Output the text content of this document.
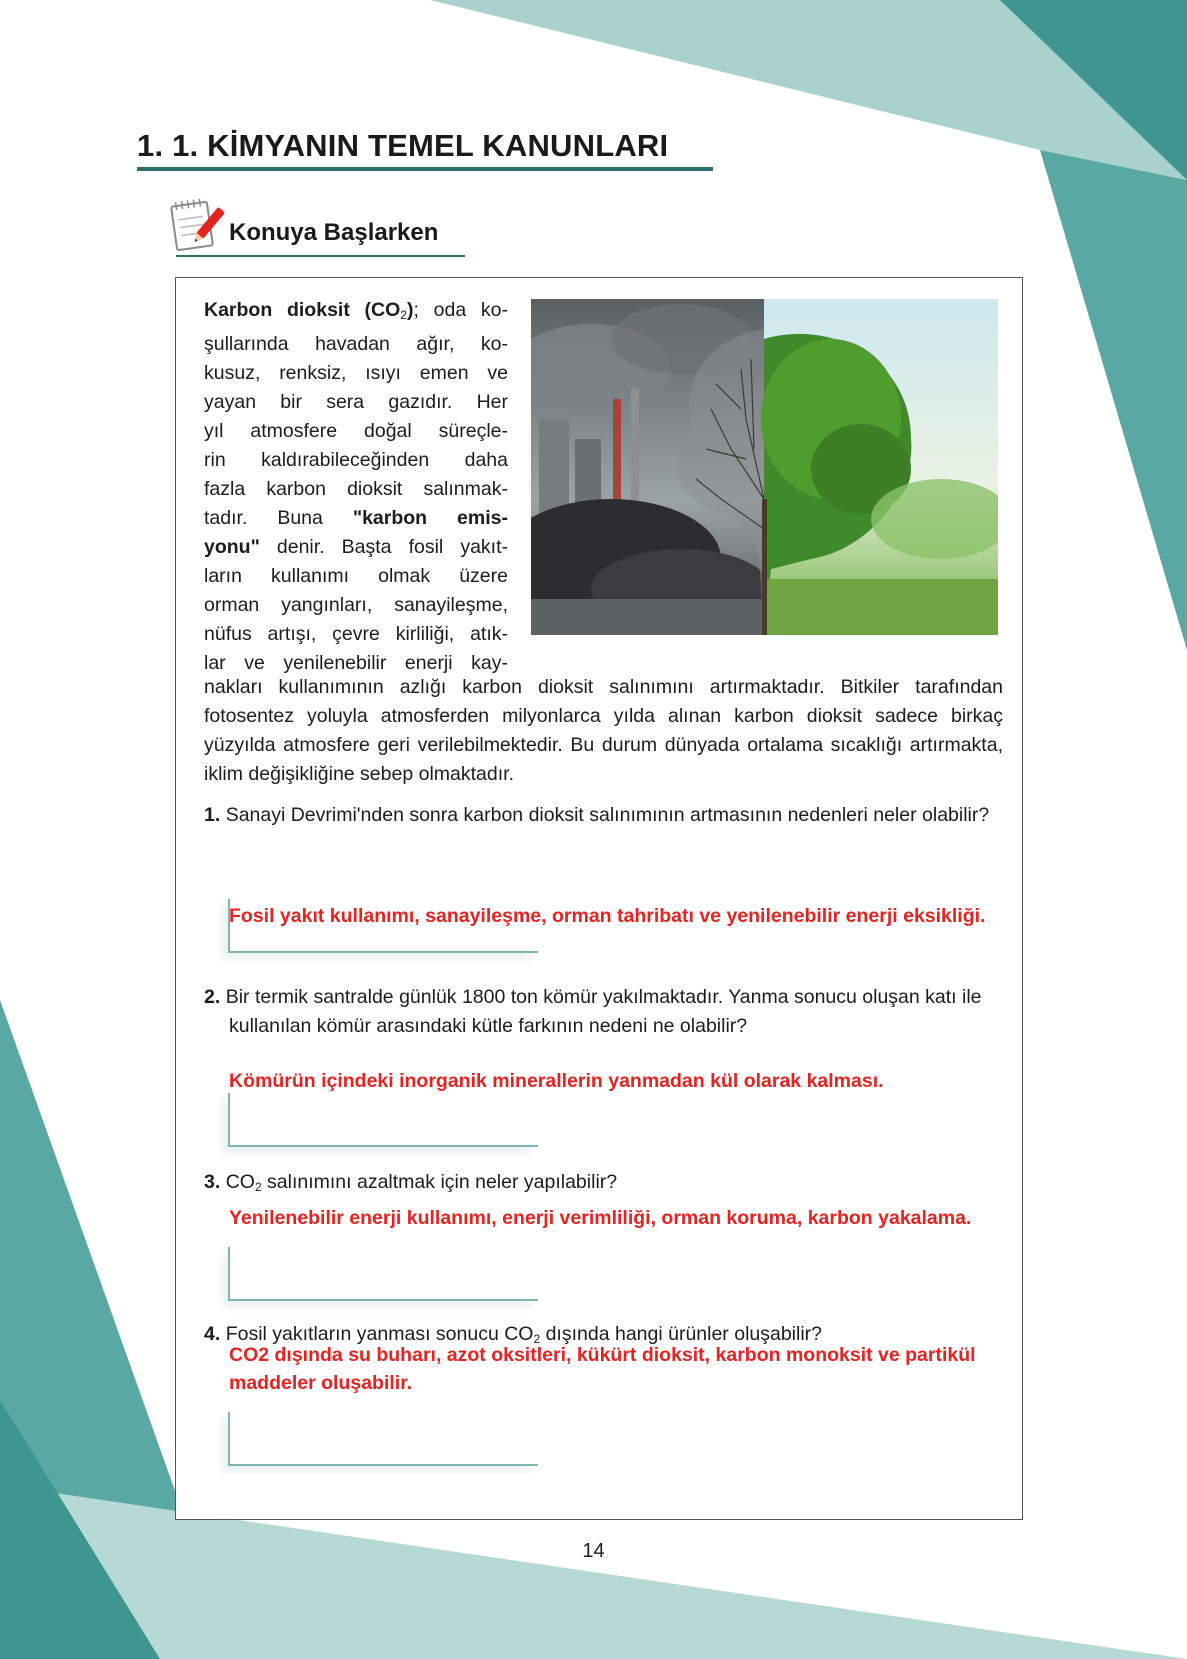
1. 1. KİMYANIN TEMEL KANUNLARI
Konuya Başlarken
Karbon dioksit $(CO_2)$; oda ko-
şullarında havadan ağır, ko-
kusuz, renksiz, ısıyı emen ve
yayan bir sera gazıdır. Her
yıl atmosfere doğal süreçle-
rin kaldırabileceğinden daha
fazla karbon dioksit salınmak-
tadır. Buna "karbon emis-
yonu" denir. Başta fosil yakıt-
ların kullanımı olmak üzere
orman yangınları, sanayileşme,
nüfus artışı, çevre kirliliği, atık-
lar ve yenilenebilir enerji kay-

nakları kullanımının azlığı karbon dioksit salınımını artırmaktadır. Bitkiler tarafından fotosentez yoluyla atmosferden milyonlarca yılda alınan karbon dioksit sadece birkaç yüzyılda atmosfere geri verilebilmektedir. Bu durum dünyada ortalama sıcaklığı artırmakta, iklim değişikliğine sebep olmaktadır.

1. Sanayi Devrimi'nden sonra karbon dioksit salınımının artmasının nedenleri neler olabilir?

Fosil yakıt kullanımı, sanayileşme, orman tahribatı ve yenilenebilir enerji eksikliği.

2. Bir termik santralde günlük 1800 ton kömür yakılmaktadır. Yanma sonucu oluşan katı ile kullanılan kömür arasındaki kütle farkının nedeni ne olabilir?

Kömürün içindeki inorganik minerallerin yanmadan kül olarak kalması.

3. $CO_2$ salınımını azaltmak için neler yapılabilir?

Yenilenebilir enerji kullanımı, enerji verimliliği, orman koruma, karbon yakalama.

4. Fosil yakıtların yanması sonucu $CO_2$ dışında hangi ürünler oluşabilir?

CO2 dışında su buharı, azot oksitleri, kükürt dioksit, karbon monoksit ve partikül maddeler oluşabilir.

14
